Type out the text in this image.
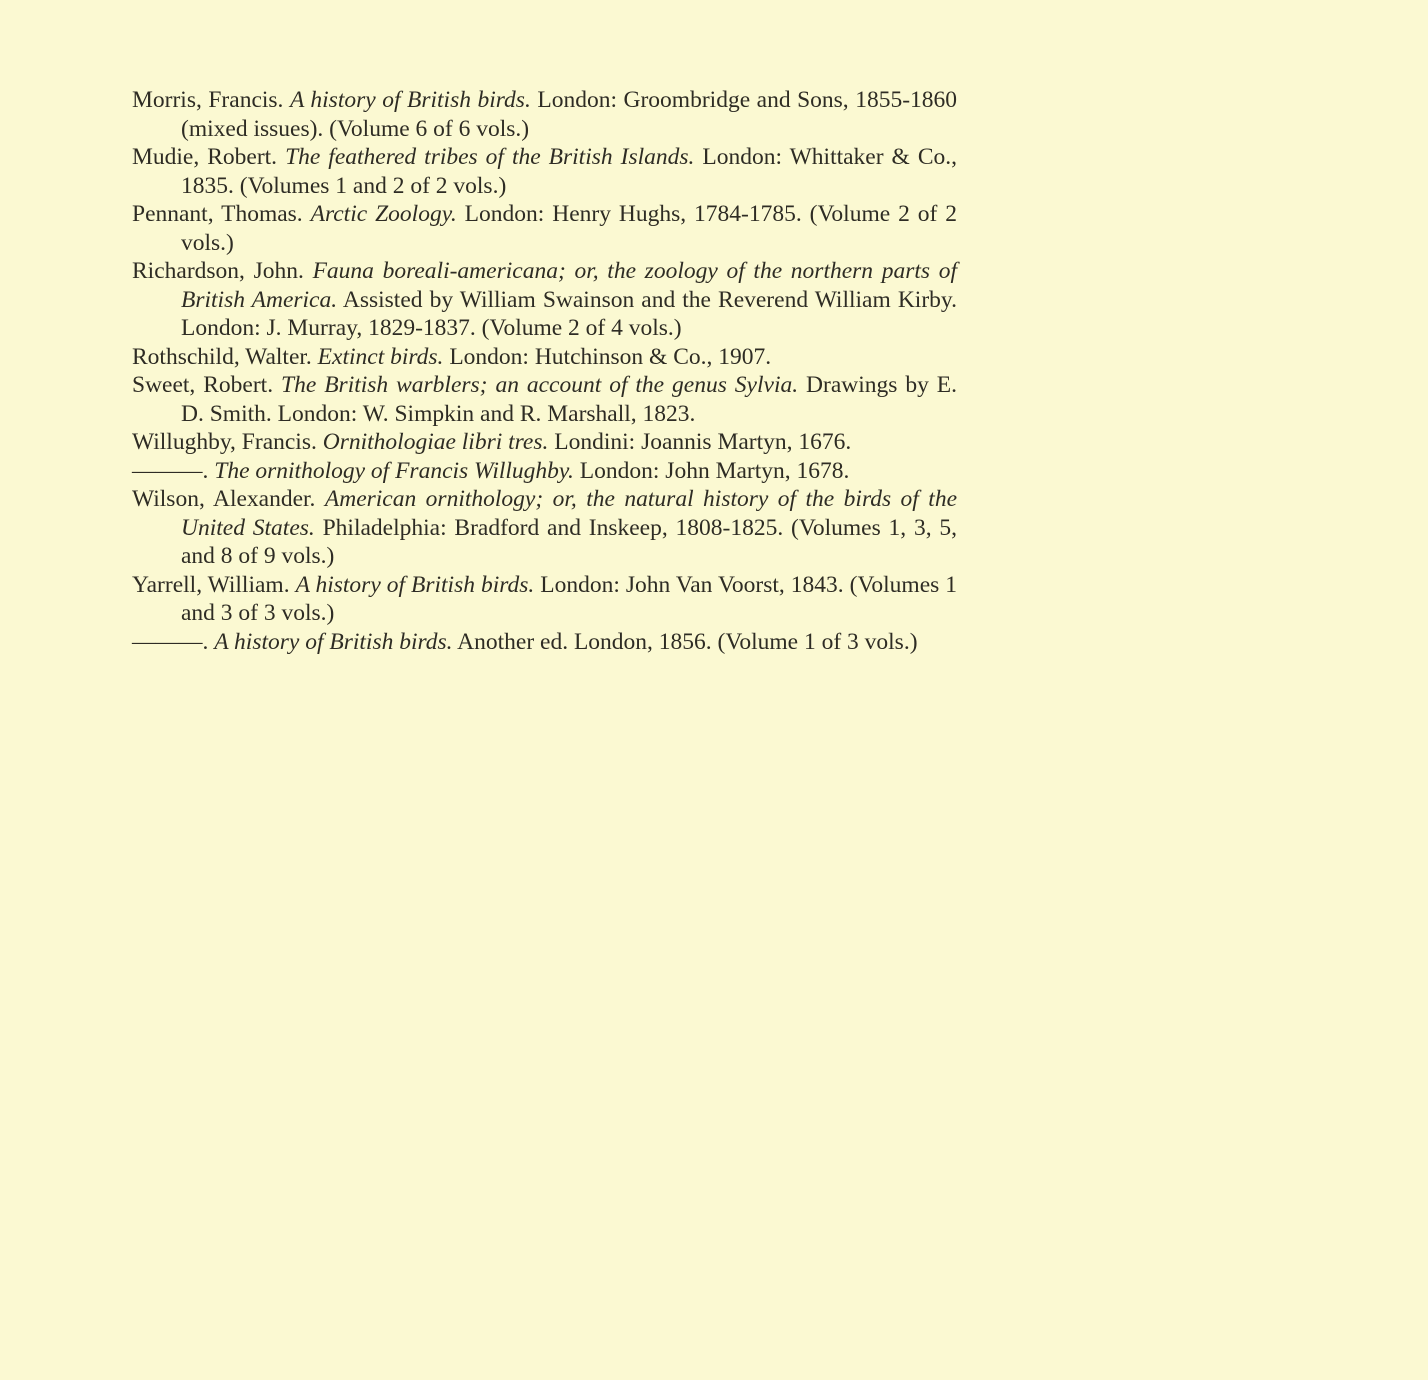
Morris, Francis. A history of British birds. London: Groombridge and Sons, 1855-1860 (mixed issues). (Volume 6 of 6 vols.)

Mudie, Robert. The feathered tribes of the British Islands. London: Whittaker & Co., 1835. (Volumes 1 and 2 of 2 vols.)

Pennant, Thomas. Arctic Zoology. London: Henry Hughs, 1784-1785. (Volume 2 of 2 vols.)

Richardson, John. Fauna boreali-americana; or, the zoology of the northern parts of British America. Assisted by William Swainson and the Reverend William Kirby. London: J. Murray, 1829-1837. (Volume 2 of 4 vols.)

Rothschild, Walter. Extinct birds. London: Hutchinson & Co., 1907.

Sweet, Robert. The British warblers; an account of the genus Sylvia. Drawings by E. D. Smith. London: W. Simpkin and R. Marshall, 1823.

Willughby, Francis. Ornithologiae libri tres. Londini: Joannis Martyn, 1676.

———. The ornithology of Francis Willughby. London: John Martyn, 1678.

Wilson, Alexander. American ornithology; or, the natural history of the birds of the United States. Philadelphia: Bradford and Inskeep, 1808-1825. (Volumes 1, 3, 5, and 8 of 9 vols.)

Yarrell, William. A history of British birds. London: John Van Voorst, 1843. (Volumes 1 and 3 of 3 vols.)

———. A history of British birds. Another ed. London, 1856. (Volume 1 of 3 vols.)
